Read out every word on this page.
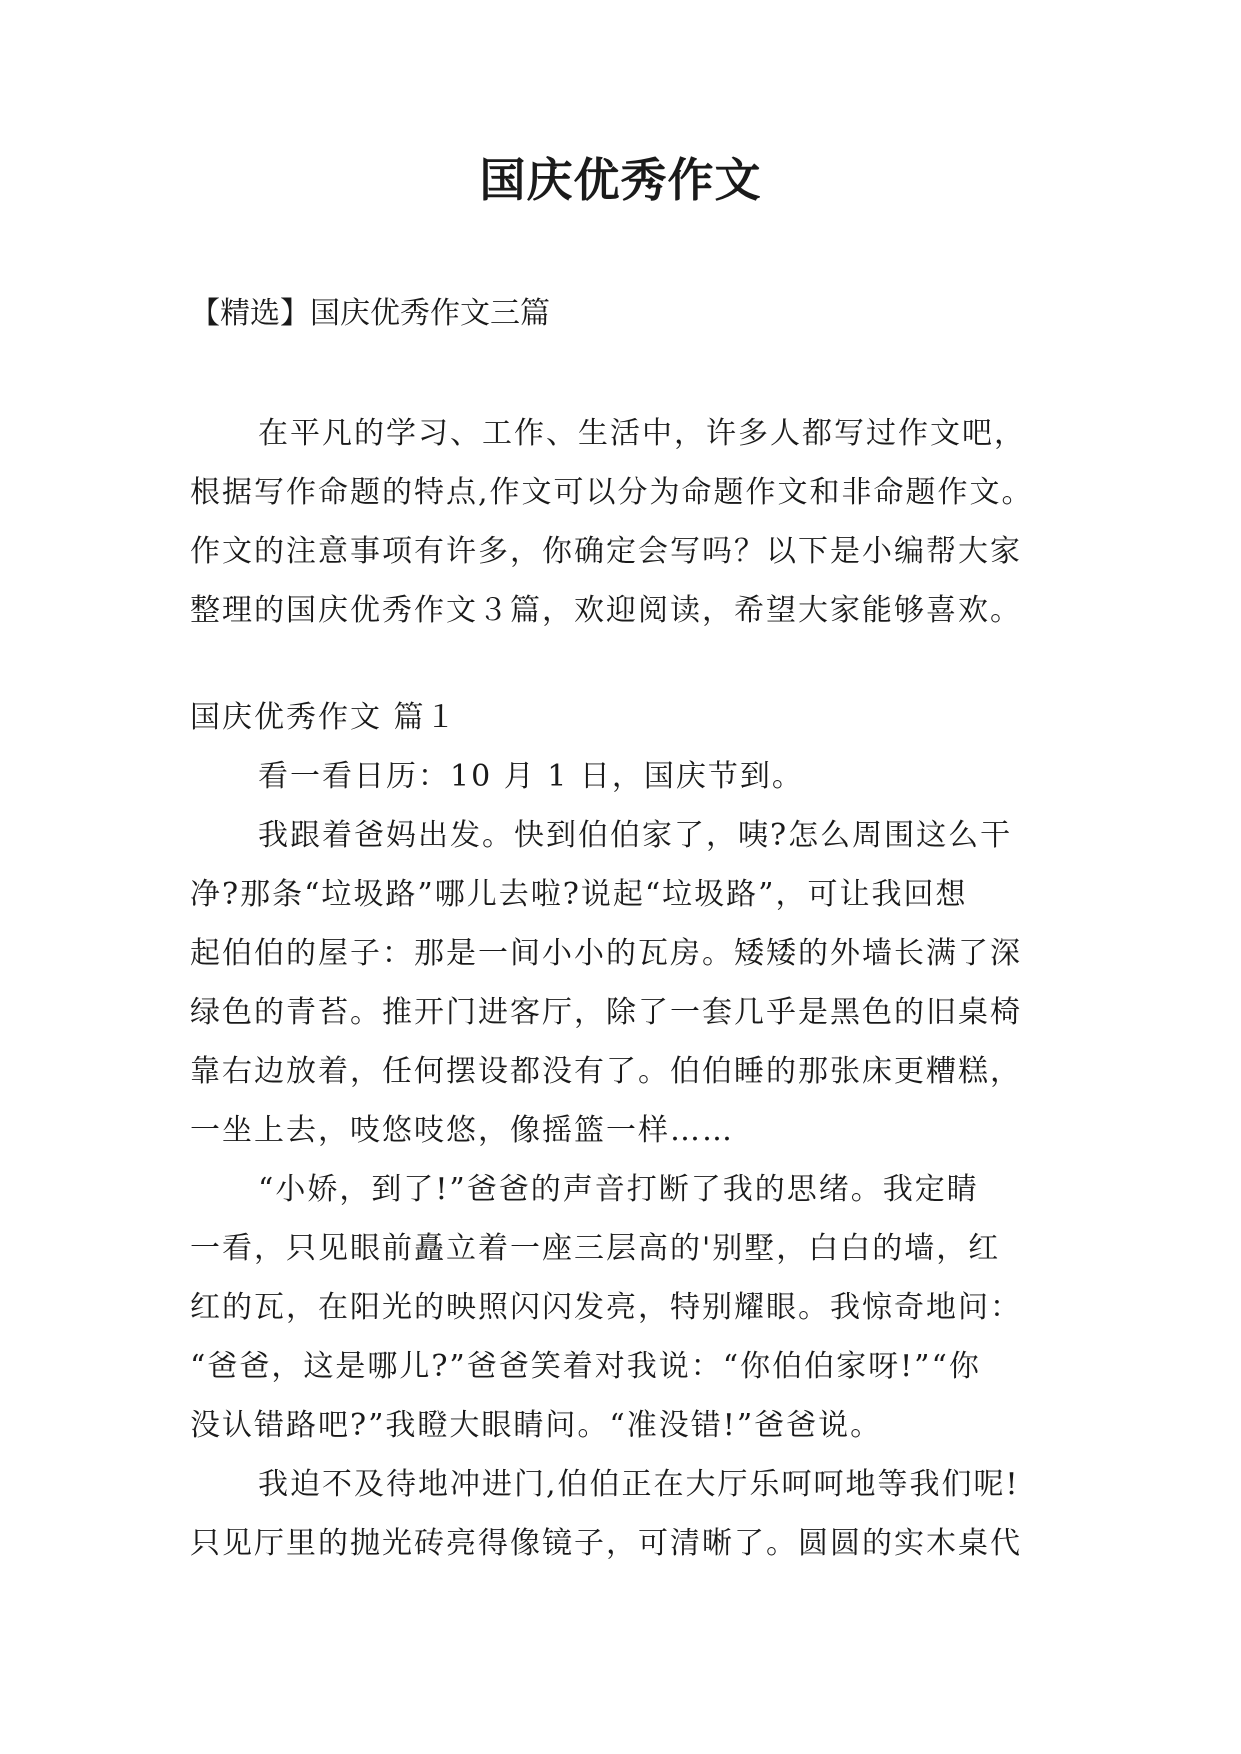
国庆优秀作文

【精选】国庆优秀作文三篇

在平凡的学习、工作、生活中，许多人都写过作文吧，
根据写作命题的特点,作文可以分为命题作文和非命题作文。
作文的注意事项有许多，你确定会写吗？以下是小编帮大家
整理的国庆优秀作文３篇，欢迎阅读，希望大家能够喜欢。

国庆优秀作文 篇１

看一看日历：10 月 1 日，国庆节到。
我跟着爸妈出发。快到伯伯家了，咦?怎么周围这么干
净?那条“垃圾路”哪儿去啦?说起“垃圾路”，可让我回想
起伯伯的屋子：那是一间小小的瓦房。矮矮的外墙长满了深
绿色的青苔。推开门进客厅，除了一套几乎是黑色的旧桌椅
靠右边放着，任何摆设都没有了。伯伯睡的那张床更糟糕，
一坐上去，吱悠吱悠，像摇篮一样……
“小娇，到了!”爸爸的声音打断了我的思绪。我定睛
一看，只见眼前矗立着一座三层高的'别墅，白白的墙，红
红的瓦，在阳光的映照闪闪发亮，特别耀眼。我惊奇地问：
“爸爸，这是哪儿?”爸爸笑着对我说：“你伯伯家呀!”“你
没认错路吧?”我瞪大眼睛问。“准没错!”爸爸说。
我迫不及待地冲进门,伯伯正在大厅乐呵呵地等我们呢!
只见厅里的抛光砖亮得像镜子，可清晰了。圆圆的实木桌代
